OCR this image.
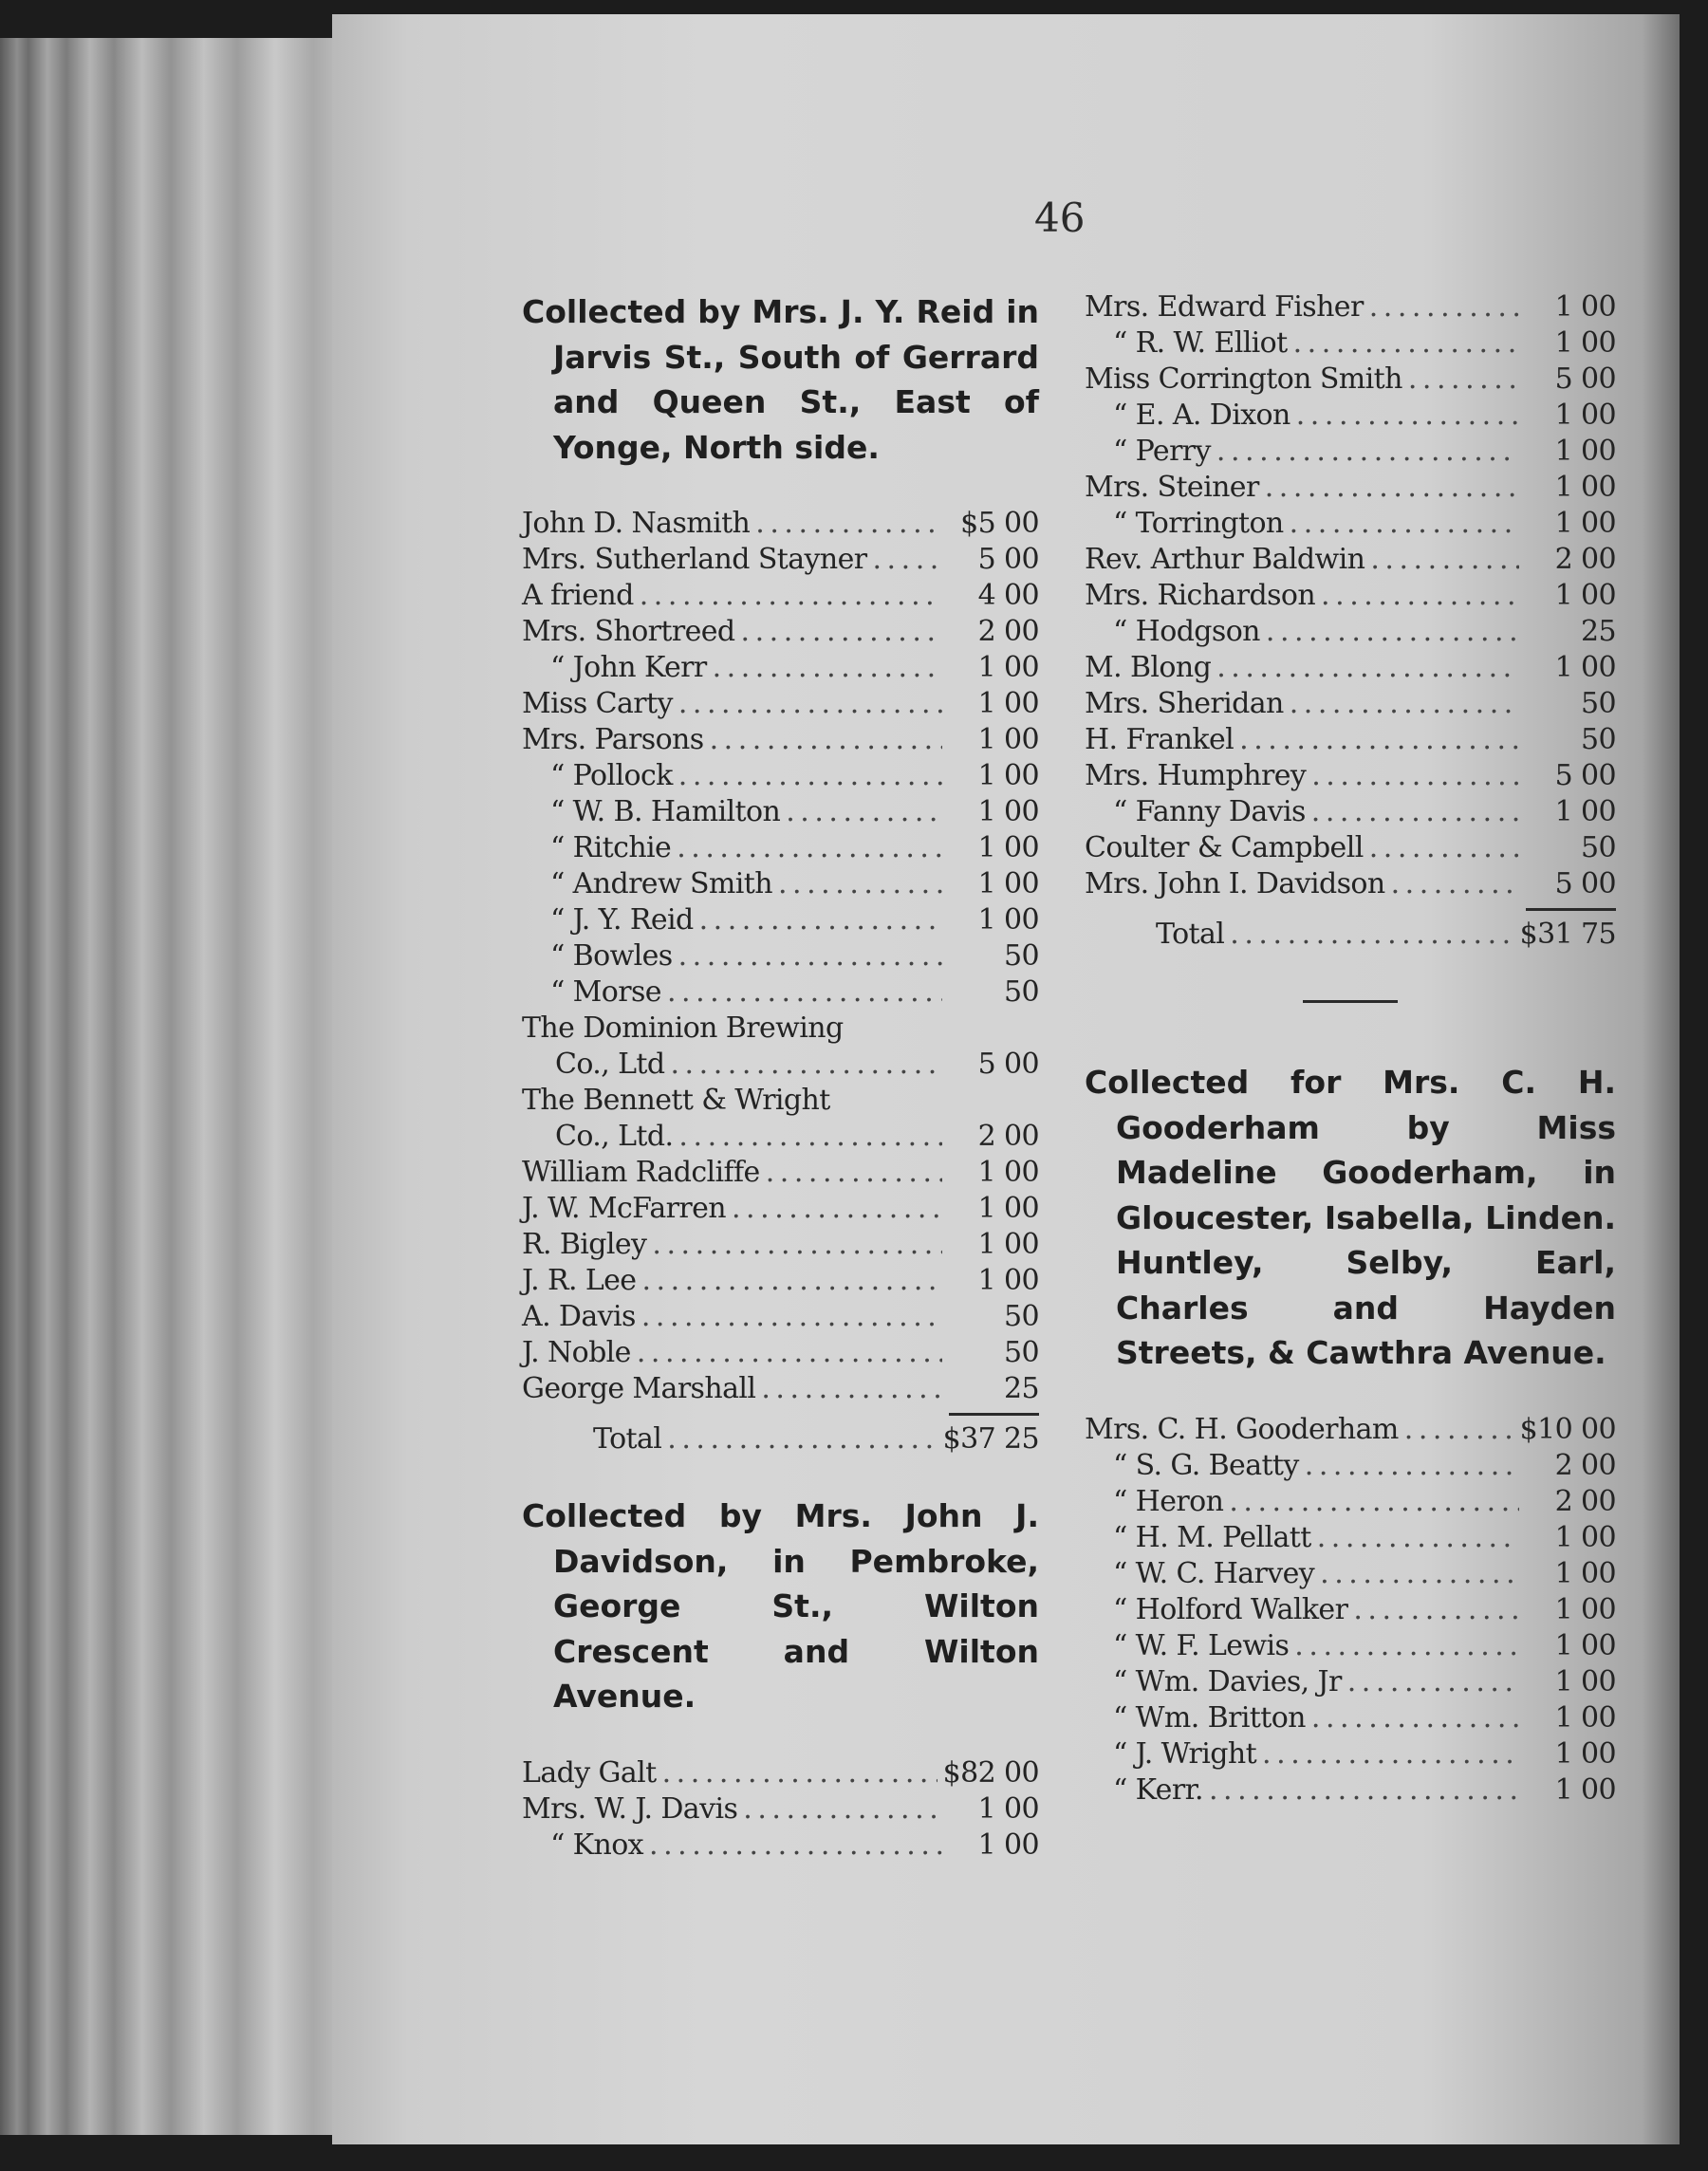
46

Collected by Mrs. J. Y. Reid in Jarvis St., South of Gerrard and Queen St., East of Yonge, North side.

John D. Nasmith . . .	$5 00
Mrs. Sutherland Stayner . . .	5 00
A friend . . .	4 00
Mrs. Shortreed . . .	2 00
“ John Kerr . . .	1 00
Miss Carty . . .	1 00
Mrs. Parsons . . .	1 00
“ Pollock . . .	1 00
“ W. B. Hamilton . . .	1 00
“ Ritchie . . .	1 00
“ Andrew Smith . . .	1 00
“ J. Y. Reid . . .	1 00
“ Bowles . . .	50
“ Morse . . .	50
The Dominion Brewing
Co., Ltd . . .	5 00
The Bennett & Wright
Co., Ltd. . . .	2 00
William Radcliffe . . .	1 00
J. W. McFarren . . .	1 00
R. Bigley . . .	1 00
J. R. Lee . . .	1 00
A. Davis . . .	50
J. Noble . . .	50
George Marshall . . .	25
Total . . .	$37 25

Collected by Mrs. John J. Davidson, in Pembroke, George St., Wilton Crescent and Wilton Avenue.

Lady Galt . . .	$82 00
Mrs. W. J. Davis . . .	1 00
“ Knox . . .	1 00
Mrs. Edward Fisher . . .	1 00
“ R. W. Elliot . . .	1 00
Miss Corrington Smith . . .	5 00
“ E. A. Dixon . . .	1 00
“ Perry . . .	1 00
Mrs. Steiner . . .	1 00
“ Torrington . . .	1 00
Rev. Arthur Baldwin . . .	2 00
Mrs. Richardson . . .	1 00
“ Hodgson . . .	25
M. Blong . . .	1 00
Mrs. Sheridan . . .	50
H. Frankel . . .	50
Mrs. Humphrey . . .	5 00
“ Fanny Davis . . .	1 00
Coulter & Campbell . . .	50
Mrs. John I. Davidson . . .	5 00
Total . . .	$31 75

Collected for Mrs. C. H. Gooderham by Miss Madeline Gooderham, in Gloucester, Isabella, Linden. Huntley, Selby, Earl, Charles and Hayden Streets, & Cawthra Avenue.

Mrs. C. H. Gooderham . . .	$10 00
“ S. G. Beatty . . .	2 00
“ Heron . . .	2 00
“ H. M. Pellatt . . .	1 00
“ W. C. Harvey . . .	1 00
“ Holford Walker . . .	1 00
“ W. F. Lewis . . .	1 00
“ Wm. Davies, Jr . . .	1 00
“ Wm. Britton . . .	1 00
“ J. Wright . . .	1 00
“ Kerr. . . .	1 00
